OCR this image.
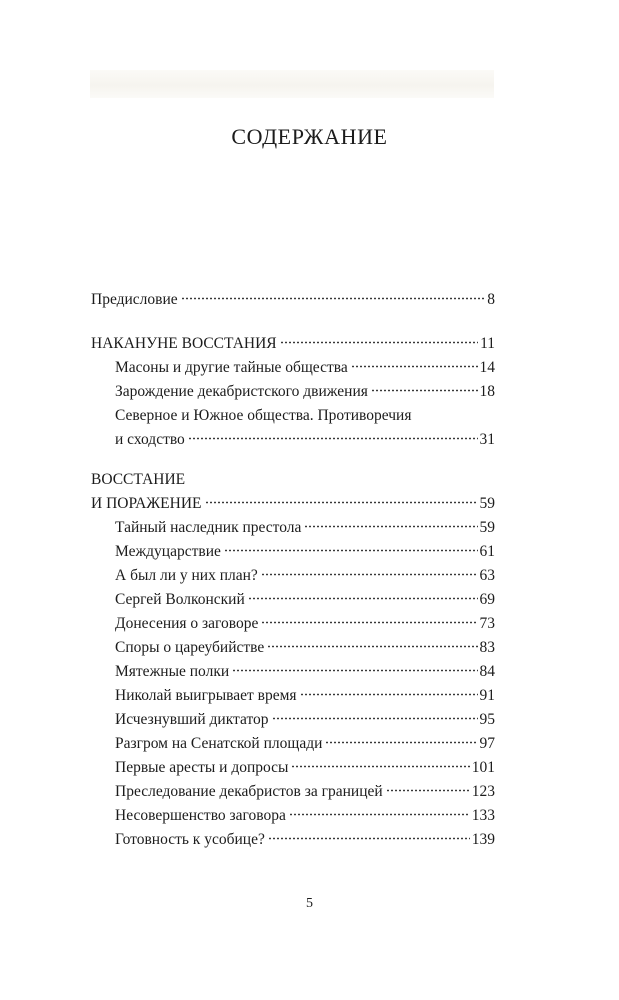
СОДЕРЖАНИЕ
Предисловие	8
НАКАНУНЕ ВОССТАНИЯ	11
Масоны и другие тайные общества	14
Зарождение декабристского движения	18
Северное и Южное общества. Противоречия
и сходство	31
ВОССТАНИЕ
И ПОРАЖЕНИЕ	59
Тайный наследник престола	59
Междуцарствие	61
А был ли у них план?	63
Сергей Волконский	69
Донесения о заговоре	73
Споры о цареубийстве	83
Мятежные полки	84
Николай выигрывает время	91
Исчезнувший диктатор	95
Разгром на Сенатской площади	97
Первые аресты и допросы	101
Преследование декабристов за границей	123
Несовершенство заговора	133
Готовность к усобице?	139
5
